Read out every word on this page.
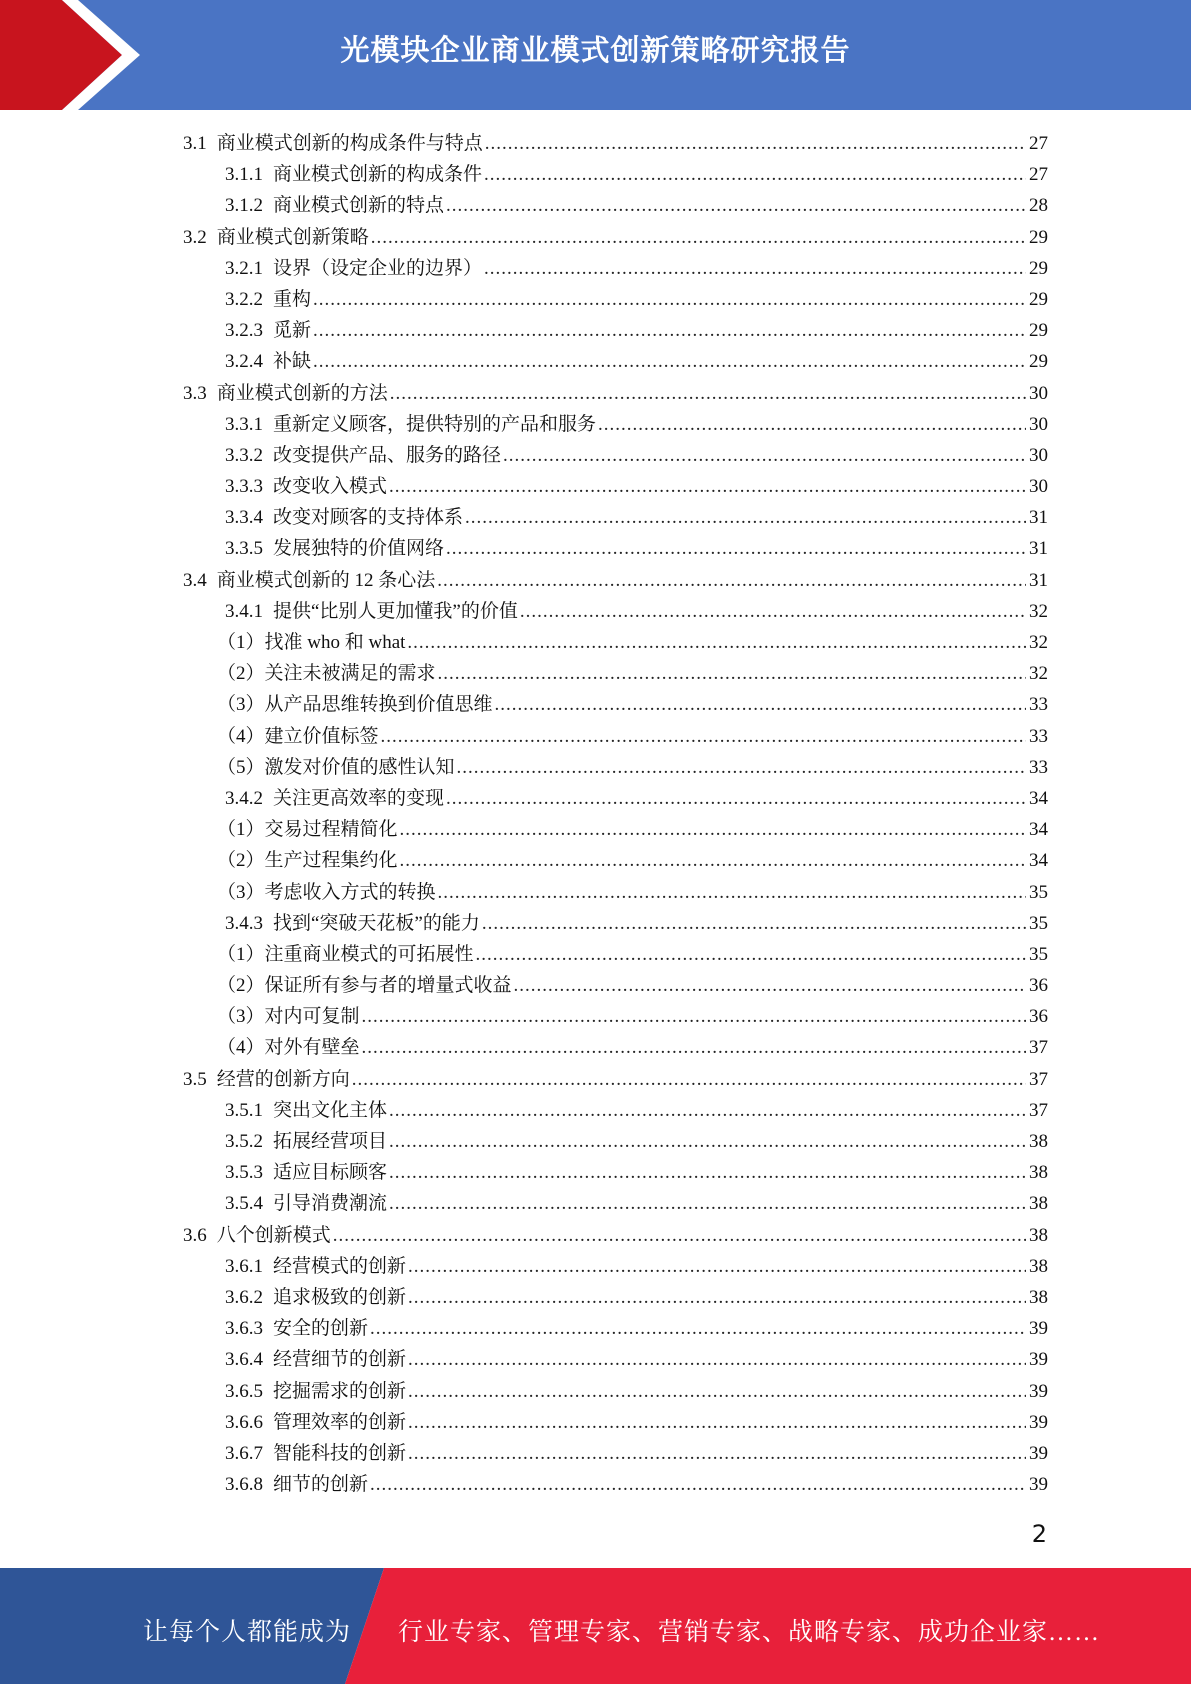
光模块企业商业模式创新策略研究报告
3.1 商业模式创新的构成条件与特点 .....	27
3.1.1 商业模式创新的构成条件 .....	27
3.1.2 商业模式创新的特点 .....	28
3.2 商业模式创新策略 .....	29
3.2.1 设界（设定企业的边界） .....	29
3.2.2 重构 .....	29
3.2.3 觅新 .....	29
3.2.4 补缺 .....	29
3.3 商业模式创新的方法 .....	30
3.3.1 重新定义顾客，提供特别的产品和服务 .....	30
3.3.2 改变提供产品、服务的路径 .....	30
3.3.3 改变收入模式 .....	30
3.3.4 改变对顾客的支持体系 .....	31
3.3.5 发展独特的价值网络 .....	31
3.4 商业模式创新的 12 条心法 .....	31
3.4.1 提供“比别人更加懂我”的价值 .....	32
（1）找准 who 和 what .....	32
（2）关注未被满足的需求 .....	32
（3）从产品思维转换到价值思维 .....	33
（4）建立价值标签 .....	33
（5）激发对价值的感性认知 .....	33
3.4.2 关注更高效率的变现 .....	34
（1）交易过程精简化 .....	34
（2）生产过程集约化 .....	34
（3）考虑收入方式的转换 .....	35
3.4.3 找到“突破天花板”的能力 .....	35
（1）注重商业模式的可拓展性 .....	35
（2）保证所有参与者的增量式收益 .....	36
（3）对内可复制 .....	36
（4）对外有壁垒 .....	37
3.5 经营的创新方向 .....	37
3.5.1 突出文化主体 .....	37
3.5.2 拓展经营项目 .....	38
3.5.3 适应目标顾客 .....	38
3.5.4 引导消费潮流 .....	38
3.6 八个创新模式 .....	38
3.6.1 经营模式的创新 .....	38
3.6.2 追求极致的创新 .....	38
3.6.3 安全的创新 .....	39
3.6.4 经营细节的创新 .....	39
3.6.5 挖掘需求的创新 .....	39
3.6.6 管理效率的创新 .....	39
3.6.7 智能科技的创新 .....	39
3.6.8 细节的创新 .....	39
2
让每个人都能成为 行业专家、管理专家、营销专家、战略专家、成功企业家……
